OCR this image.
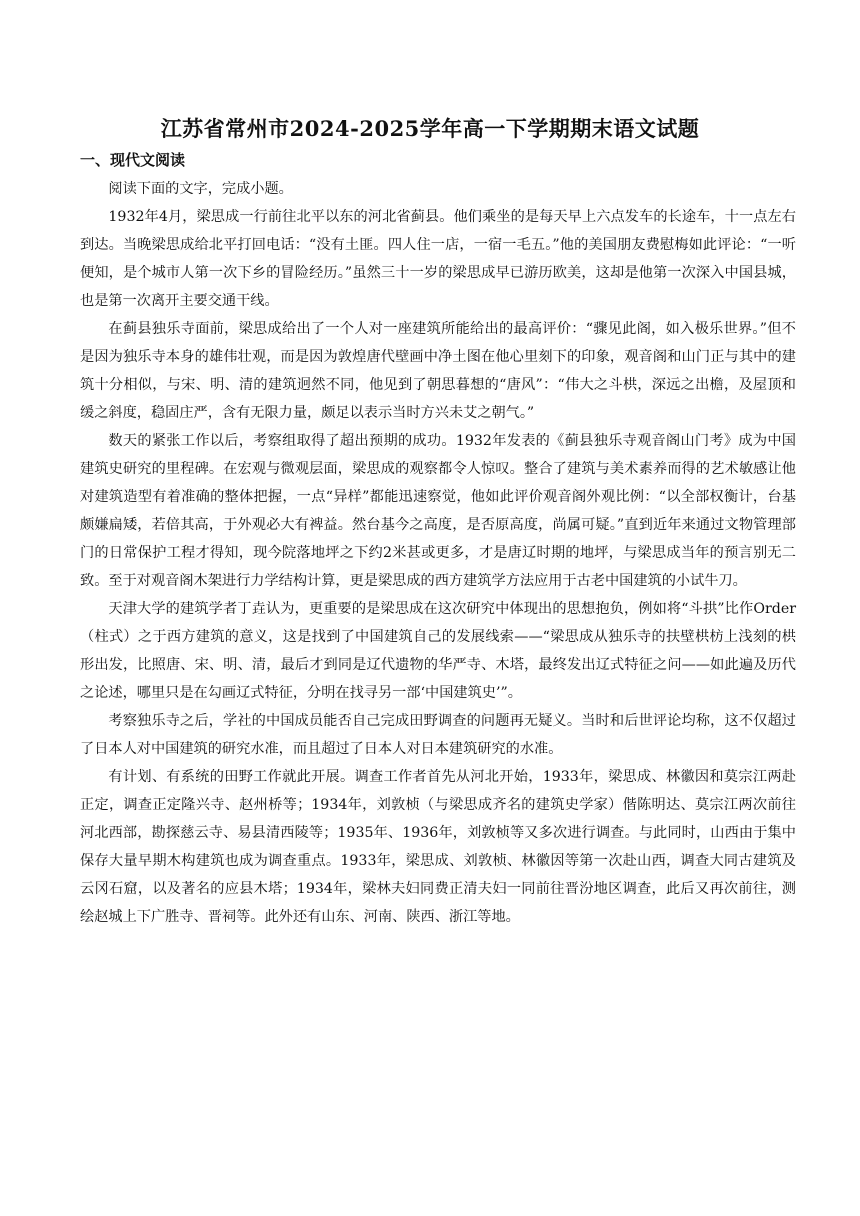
江苏省常州市2024-2025学年高一下学期期末语文试题
一、现代文阅读

阅读下面的文字，完成小题。

1932年4月，梁思成一行前往北平以东的河北省蓟县。他们乘坐的是每天早上六点发车的长途车，十一点左右到达。当晚梁思成给北平打回电话：“没有土匪。四人住一店，一宿一毛五。”他的美国朋友费慰梅如此评论：“一听便知，是个城市人第一次下乡的冒险经历。”虽然三十一岁的梁思成早已游历欧美，这却是他第一次深入中国县城，也是第一次离开主要交通干线。

在蓟县独乐寺面前，梁思成给出了一个人对一座建筑所能给出的最高评价：“骤见此阁，如入极乐世界。”但不是因为独乐寺本身的雄伟壮观，而是因为敦煌唐代壁画中净土图在他心里刻下的印象，观音阁和山门正与其中的建筑十分相似，与宋、明、清的建筑迥然不同，他见到了朝思暮想的“唐风”：“伟大之斗栱，深远之出檐，及屋顶和缓之斜度，稳固庄严，含有无限力量，颇足以表示当时方兴未艾之朝气。”

数天的紧张工作以后，考察组取得了超出预期的成功。1932年发表的《蓟县独乐寺观音阁山门考》成为中国建筑史研究的里程碑。在宏观与微观层面，梁思成的观察都令人惊叹。整合了建筑与美术素养而得的艺术敏感让他对建筑造型有着准确的整体把握，一点“异样”都能迅速察觉，他如此评价观音阁外观比例：“以全部权衡计，台基颇嫌扁矮，若倍其高，于外观必大有裨益。然台基今之高度，是否原高度，尚属可疑。”直到近年来通过文物管理部门的日常保护工程才得知，现今院落地坪之下约2米甚或更多，才是唐辽时期的地坪，与梁思成当年的预言别无二致。至于对观音阁木架进行力学结构计算，更是梁思成的西方建筑学方法应用于古老中国建筑的小试牛刀。

天津大学的建筑学者丁垚认为，更重要的是梁思成在这次研究中体现出的思想抱负，例如将“斗拱”比作Order（柱式）之于西方建筑的意义，这是找到了中国建筑自己的发展线索——“梁思成从独乐寺的扶壁栱枋上浅刻的栱形出发，比照唐、宋、明、清，最后才到同是辽代遗物的华严寺、木塔，最终发出辽式特征之问——如此遍及历代之论述，哪里只是在勾画辽式特征，分明在找寻另一部‘中国建筑史’”。

考察独乐寺之后，学社的中国成员能否自己完成田野调查的问题再无疑义。当时和后世评论均称，这不仅超过了日本人对中国建筑的研究水准，而且超过了日本人对日本建筑研究的水准。

有计划、有系统的田野工作就此开展。调查工作者首先从河北开始，1933年，梁思成、林徽因和莫宗江两赴正定，调查正定隆兴寺、赵州桥等；1934年，刘敦桢（与梁思成齐名的建筑史学家）偕陈明达、莫宗江两次前往河北西部，勘探慈云寺、易县清西陵等；1935年、1936年，刘敦桢等又多次进行调查。与此同时，山西由于集中保存大量早期木构建筑也成为调查重点。1933年，梁思成、刘敦桢、林徽因等第一次赴山西，调查大同古建筑及云冈石窟，以及著名的应县木塔；1934年，梁林夫妇同费正清夫妇一同前往晋汾地区调查，此后又再次前往，测绘赵城上下广胜寺、晋祠等。此外还有山东、河南、陕西、浙江等地。
